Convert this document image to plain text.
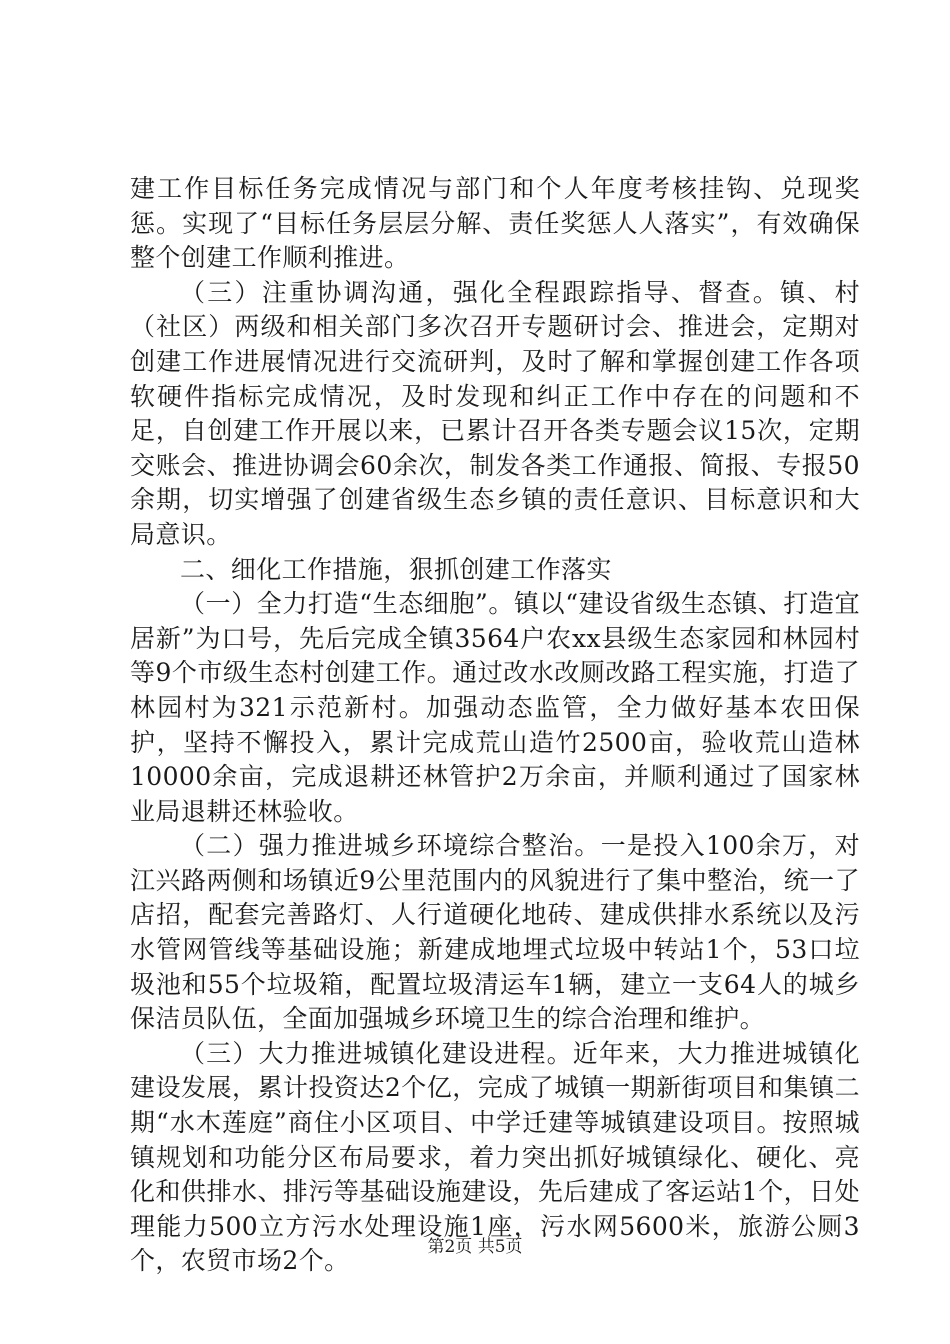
建工作目标任务完成情况与部门和个人年度考核挂钩、兑现奖惩。实现了“目标任务层层分解、责任奖惩人人落实”，有效确保整个创建工作顺利推进。

（三）注重协调沟通，强化全程跟踪指导、督查。镇、村（社区）两级和相关部门多次召开专题研讨会、推进会，定期对创建工作进展情况进行交流研判，及时了解和掌握创建工作各项软硬件指标完成情况，及时发现和纠正工作中存在的问题和不足，自创建工作开展以来，已累计召开各类专题会议15次，定期交账会、推进协调会60余次，制发各类工作通报、简报、专报50余期，切实增强了创建省级生态乡镇的责任意识、目标意识和大局意识。

二、细化工作措施，狠抓创建工作落实

（一）全力打造“生态细胞”。镇以“建设省级生态镇、打造宜居新”为口号，先后完成全镇3564户农xx县级生态家园和林园村等9个市级生态村创建工作。通过改水改厕改路工程实施，打造了林园村为321示范新村。加强动态监管，全力做好基本农田保护，坚持不懈投入，累计完成荒山造竹2500亩，验收荒山造林10000余亩，完成退耕还林管护2万余亩，并顺利通过了国家林业局退耕还林验收。

（二）强力推进城乡环境综合整治。一是投入100余万，对江兴路两侧和场镇近9公里范围内的风貌进行了集中整治，统一了店招，配套完善路灯、人行道硬化地砖、建成供排水系统以及污水管网管线等基础设施；新建成地埋式垃圾中转站1个，53口垃圾池和55个垃圾箱，配置垃圾清运车1辆，建立一支64人的城乡保洁员队伍，全面加强城乡环境卫生的综合治理和维护。

（三）大力推进城镇化建设进程。近年来，大力推进城镇化建设发展，累计投资达2个亿，完成了城镇一期新街项目和集镇二期“水木莲庭”商住小区项目、中学迁建等城镇建设项目。按照城镇规划和功能分区布局要求，着力突出抓好城镇绿化、硬化、亮化和供排水、排污等基础设施建设，先后建成了客运站1个，日处理能力500立方污水处理设施1座，污水网5600米，旅游公厕3个，农贸市场2个。	第2页 共5页
